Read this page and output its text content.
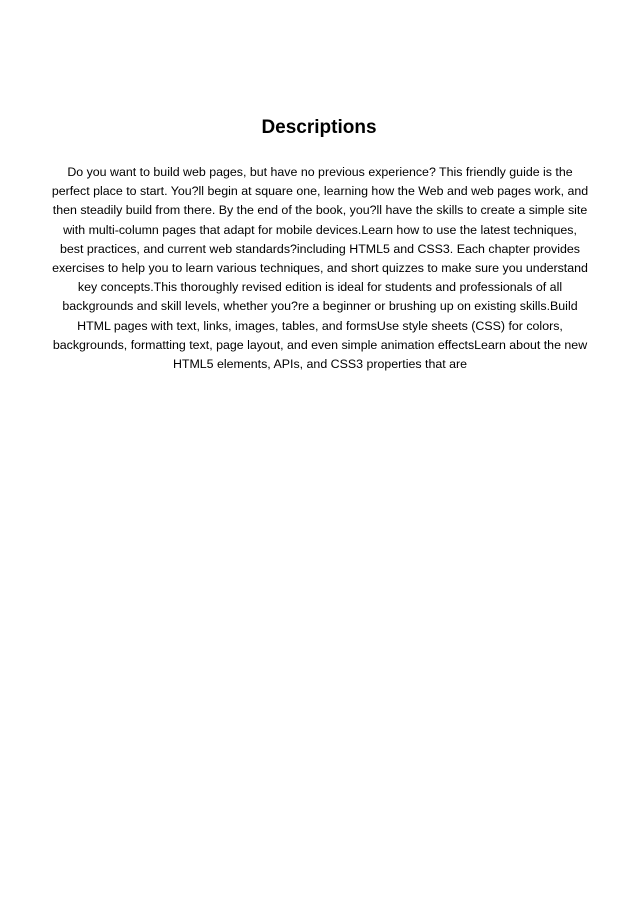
Descriptions
Do you want to build web pages, but have no previous experience? This friendly guide is the
perfect place to start. You?ll begin at square one, learning how the Web and web pages work, and
then steadily build from there. By the end of the book, you?ll have the skills to create a simple site
with multi-column pages that adapt for mobile devices.Learn how to use the latest techniques,
best practices, and current web standards?including HTML5 and CSS3. Each chapter provides
exercises to help you to learn various techniques, and short quizzes to make sure you understand
key concepts.This thoroughly revised edition is ideal for students and professionals of all
backgrounds and skill levels, whether you?re a beginner or brushing up on existing skills.Build
HTML pages with text, links, images, tables, and formsUse style sheets (CSS) for colors,
backgrounds, formatting text, page layout, and even simple animation effectsLearn about the new
HTML5 elements, APIs, and CSS3 properties that are
